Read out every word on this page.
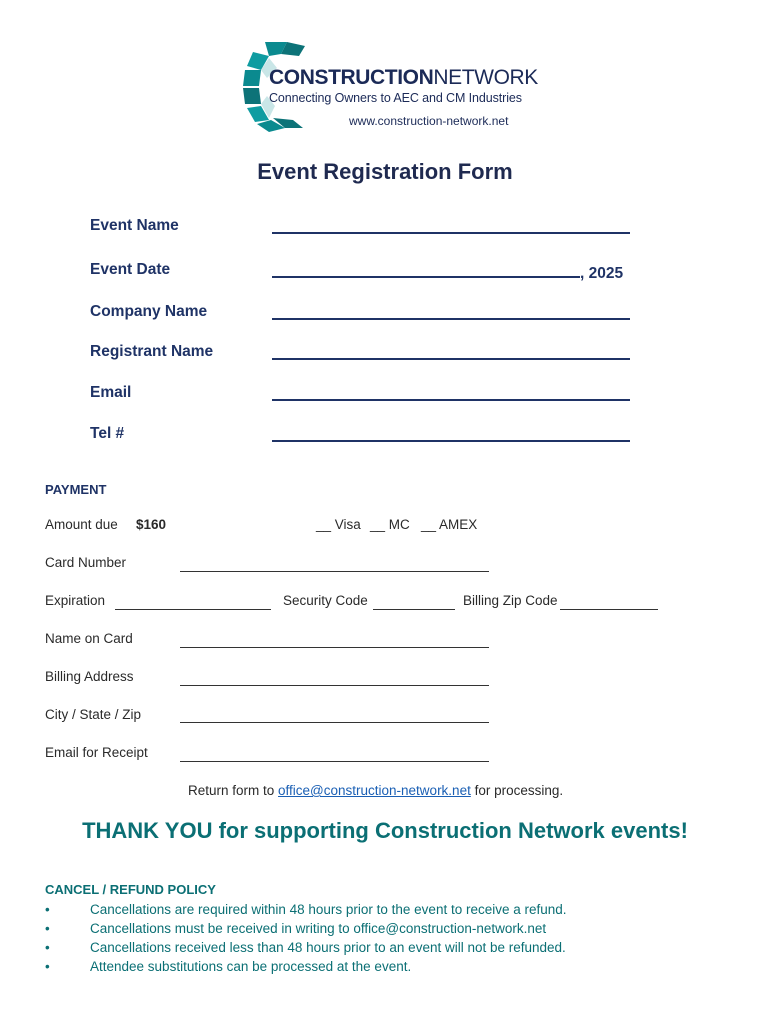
CONSTRUCTIONNETWORK
Connecting Owners to AEC and CM Industries
www.construction-network.net
Event Registration Form
Event Name
Event Date	, 2025
Company Name
Registrant Name
Email
Tel #
PAYMENT
Amount due $160	__ Visa __ MC __ AMEX
Card Number
Expiration	Security Code	Billing Zip Code
Name on Card
Billing Address
City / State / Zip
Email for Receipt
Return form to office@construction-network.net for processing.
THANK YOU for supporting Construction Network events!
CANCEL / REFUND POLICY
•	Cancellations are required within 48 hours prior to the event to receive a refund.
•	Cancellations must be received in writing to office@construction-network.net
•	Cancellations received less than 48 hours prior to an event will not be refunded.
•	Attendee substitutions can be processed at the event.
